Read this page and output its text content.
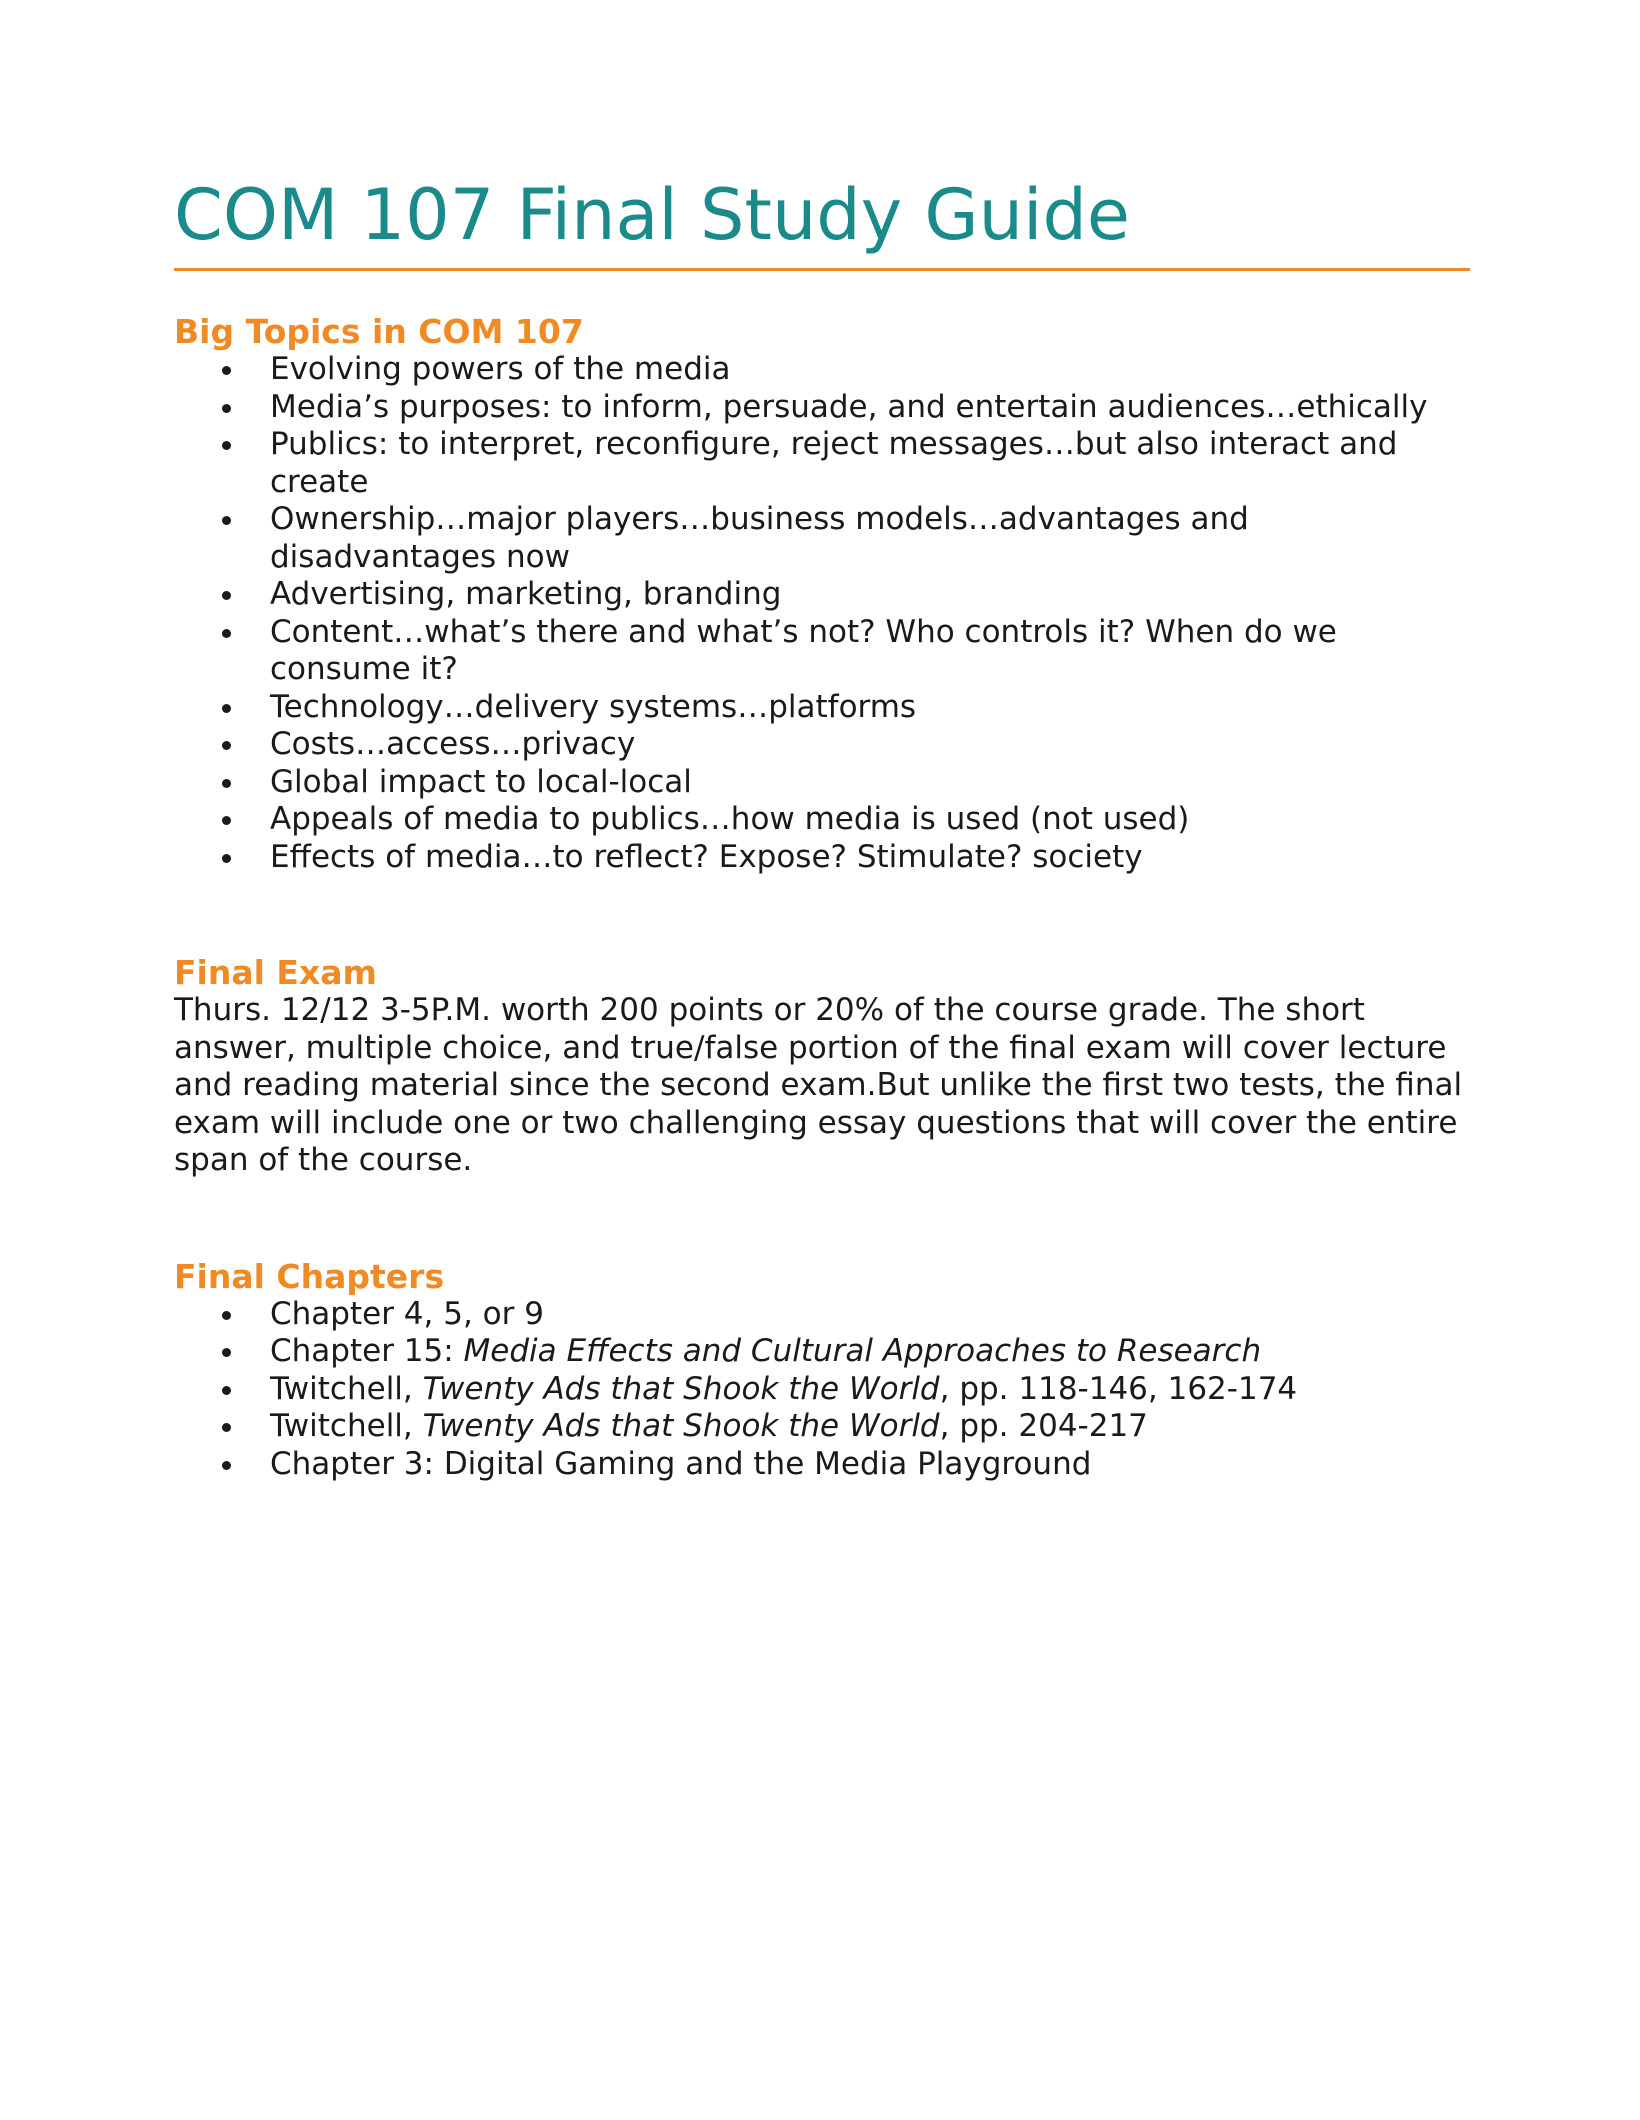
COM 107 Final Study Guide
Big Topics in COM 107
Evolving powers of the media
Media’s purposes: to inform, persuade, and entertain audiences…ethically
Publics: to interpret, reconfigure, reject messages…but also interact and create
Ownership…major players…business models…advantages and disadvantages now
Advertising, marketing, branding
Content…what’s there and what’s not? Who controls it? When do we consume it?
Technology…delivery systems…platforms
Costs…access…privacy
Global impact to local-local
Appeals of media to publics…how media is used (not used)
Effects of media…to reflect? Expose? Stimulate? society
Final Exam

Thurs. 12/12 3-5P.M. worth 200 points or 20% of the course grade. The short answer, multiple choice, and true/false portion of the final exam will cover lecture and reading material since the second exam.But unlike the first two tests, the final exam will include one or two challenging essay questions that will cover the entire span of the course.

Final Chapters
Chapter 4, 5, or 9
Chapter 15: Media Effects and Cultural Approaches to Research
Twitchell, Twenty Ads that Shook the World, pp. 118-146, 162-174
Twitchell, Twenty Ads that Shook the World, pp. 204-217
Chapter 3: Digital Gaming and the Media Playground
